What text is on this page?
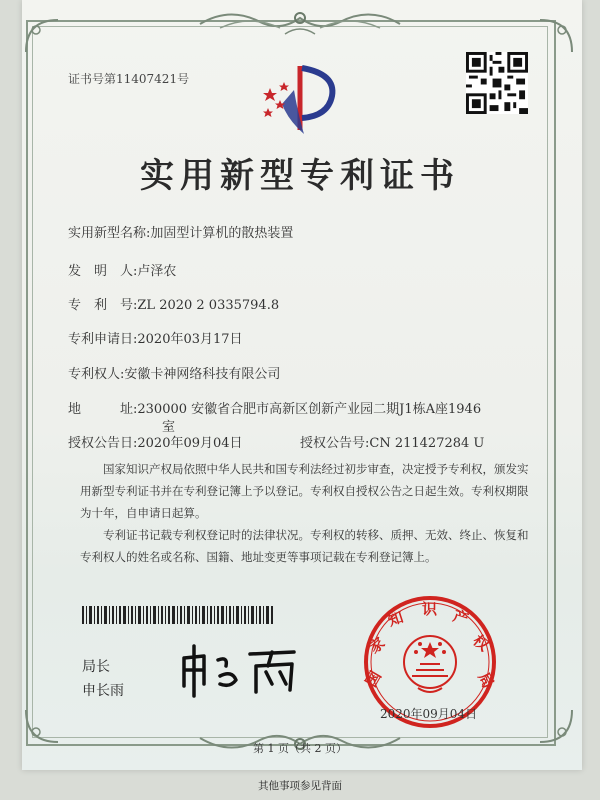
证书号第11407421号
实用新型专利证书
实用新型名称:加固型计算机的散热装置
发　明　人:卢泽农
专　利　号:ZL 2020 2 0335794.8
专利申请日:2020年03月17日
专利权人:安徽卡神网络科技有限公司
地　　　址:230000 安徽省合肥市高新区创新产业园二期J1栋A座1946
室
授权公告日:2020年09月04日	授权公告号:CN 211427284 U
国家知识产权局依照中华人民共和国专利法经过初步审查，决定授予专利权，颁发实用新型专利证书并在专利登记簿上予以登记。专利权自授权公告之日起生效。专利权期限为十年，自申请日起算。
专利证书记载专利权登记时的法律状况。专利权的转移、质押、无效、终止、恢复和专利权人的姓名或名称、国籍、地址变更等事项记载在专利登记簿上。
局长
申长雨
国
家
知 识 产
权
局
2020年09月04日
第 1 页（共 2 页）
其他事项参见背面
